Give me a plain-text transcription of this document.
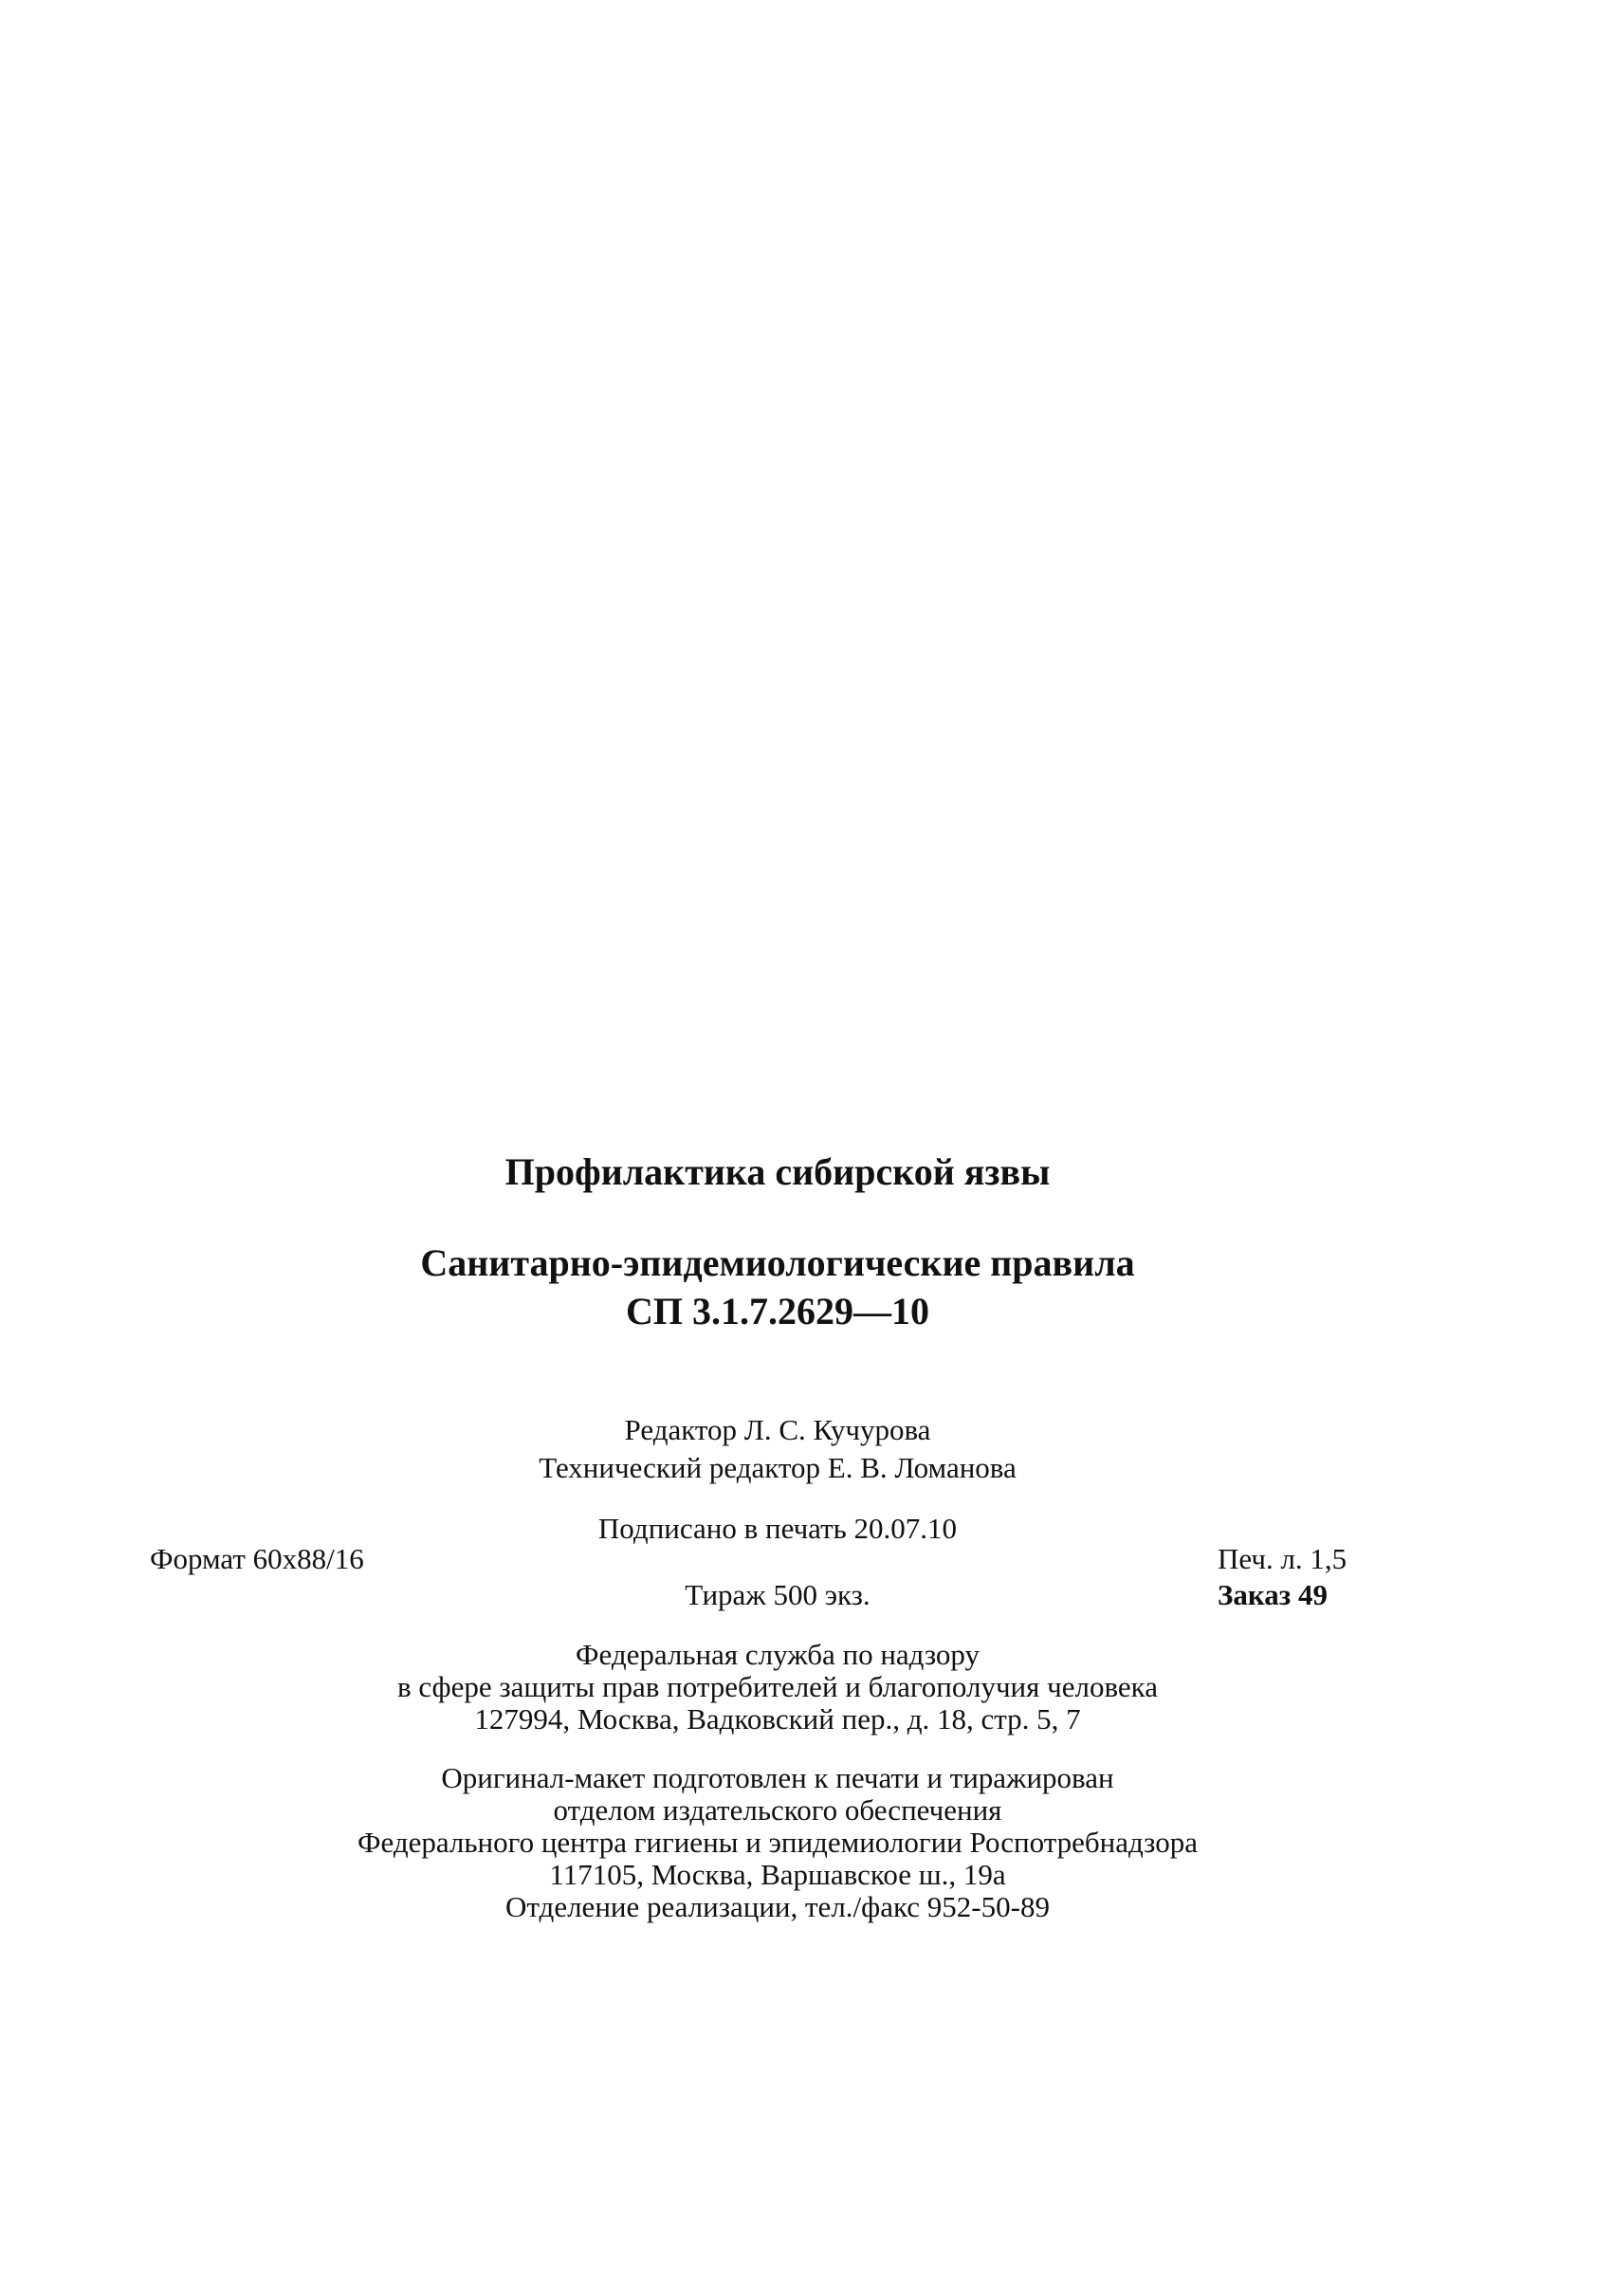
Профилактика сибирской язвы
Санитарно-эпидемиологические правила
СП 3.1.7.2629—10
Редактор Л. С. Кучурова
Технический редактор Е. В. Ломанова
Подписано в печать 20.07.10
Формат 60x88/16	Печ. л. 1,5
Тираж 500 экз.	Заказ 49
Федеральная служба по надзору
в сфере защиты прав потребителей и благополучия человека
127994, Москва, Вадковский пер., д. 18, стр. 5, 7
Оригинал-макет подготовлен к печати и тиражирован
отделом издательского обеспечения
Федерального центра гигиены и эпидемиологии Роспотребнадзора
117105, Москва, Варшавское ш., 19а
Отделение реализации, тел./факс 952-50-89
